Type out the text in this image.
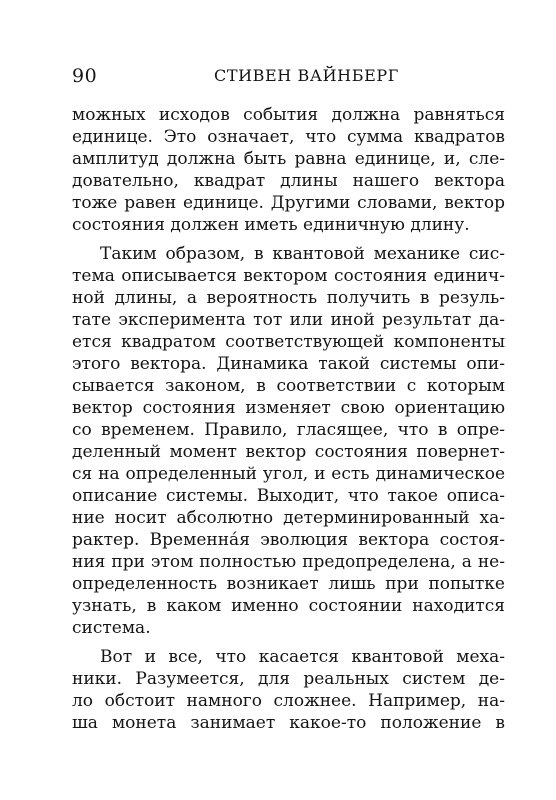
90	СТИВЕН ВАЙНБЕРГ
можных исходов события должна равняться
единице. Это означает, что сумма квадратов
амплитуд должна быть равна единице, и, сле-
довательно, квадрат длины нашего вектора
тоже равен единице. Другими словами, вектор
состояния должен иметь единичную длину.
Таким образом, в квантовой механике сис-
тема описывается вектором состояния единич-
ной длины, а вероятность получить в резуль-
тате эксперимента тот или иной результат да-
ется квадратом соответствующей компоненты
этого вектора. Динамика такой системы опи-
сывается законом, в соответствии с которым
вектор состояния изменяет свою ориентацию
со временем. Правило, гласящее, что в опре-
деленный момент вектор состояния повернет-
ся на определенный угол, и есть динамическое
описание системы. Выходит, что такое описа-
ние носит абсолютно детерминированный ха-
рактер. Временна́я эволюция вектора состоя-
ния при этом полностью предопределена, а не-
определенность возникает лишь при попытке
узнать, в каком именно состоянии находится
система.
Вот и все, что касается квантовой меха-
ники. Разумеется, для реальных систем де-
ло обстоит намного сложнее. Например, на-
ша монета занимает какое-то положение в
